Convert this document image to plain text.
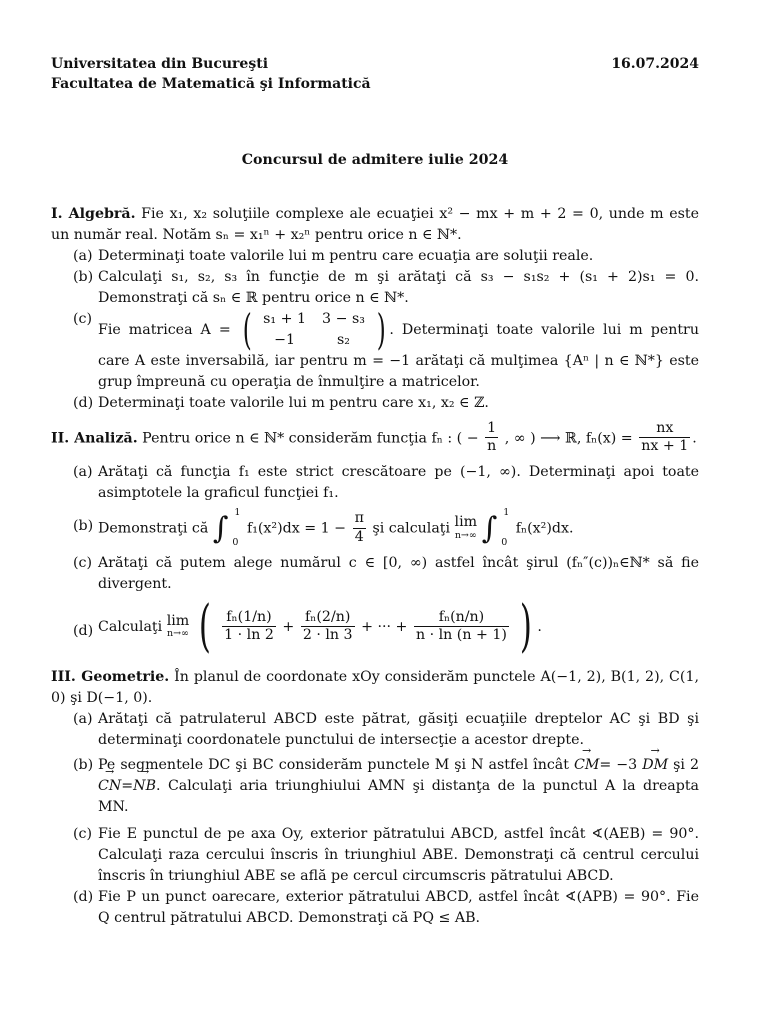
Universitatea din Bucureşti
Facultatea de Matematică şi Informatică
16.07.2024
Concursul de admitere iulie 2024
I. Algebră. Fie x₁, x₂ soluţiile complexe ale ecuaţiei x² − mx + m + 2 = 0, unde m este un număr real. Notăm sₙ = x₁ⁿ + x₂ⁿ pentru orice n ∈ ℕ*.
(a) Determinaţi toate valorile lui m pentru care ecuaţia are soluţii reale.
(b) Calculaţi s₁, s₂, s₃ în funcţie de m şi arătaţi că s₃ − s₁s₂ + (s₁ + 2)s₁ = 0. Demonstraţi că sₙ ∈ ℝ pentru orice n ∈ ℕ*.
(c)
Fie matricea A = ( s₁ + 1	3 − s₃
−1	s₂ ) . Determinaţi toate valorile lui m pentru care A este inversabilă, iar pentru m = −1 arătaţi că mulţimea {Aⁿ | n ∈ ℕ*} este grup împreună cu operaţia de înmulţire a matricelor.
(d) Determinaţi toate valorile lui m pentru care x₁, x₂ ∈ ℤ.
II. Analiză. Pentru orice n ∈ ℕ* considerăm funcţia fₙ : ( − $\frac{1}{n}$ , ∞ ) ⟶ ℝ, $f_n(x) = \frac{nx}{nx + 1}$ .
(a) Arătaţi că funcţia f₁ este strict crescătoare pe (−1, ∞). Determinaţi apoi toate asimptotele la graficul funcţiei f₁.
(b) Demonstraţi că ∫ 1
0
$f_1(x^2)dx = 1 - \frac{\pi}{4}$ şi calculaţi lim
n→∞ ∫ 1
0
fₙ(x²)dx.
(c) Arătaţi că putem alege numărul c ∈ [0, ∞) astfel încât şirul (fₙ″(c))ₙ∈ℕ* să fie divergent.
(d) Calculaţi lim
n→∞ ( $\frac{\text{fₙ(1/n)}}{1 \cdot \ln 2} + \frac{\text{fₙ(2/n)}}{2 \cdot \ln 3}$ + ··· + $\frac{\text{fₙ(n/n)}}{n \cdot \ln (n + 1)}$ ) .
III. Geometrie. În planul de coordonate xOy considerăm punctele A(−1, 2), B(1, 2), C(1, 0) şi D(−1, 0).
(a) Arătaţi că patrulaterul ABCD este pătrat, găsiţi ecuaţiile dreptelor AC şi BD şi determinaţi coordonatele punctului de intersecţie a acestor drepte.
(b) Pe segmentele DC şi BC considerăm punctele M şi N astfel încât → CM= −3 → DM şi 2 → CN=→ NB. Calculaţi aria triunghiului AMN şi distanţa de la punctul A la dreapta MN.
(c) Fie E punctul de pe axa Oy, exterior pătratului ABCD, astfel încât ∢(AEB) = 90°. Calculaţi raza cercului înscris în triunghiul ABE. Demonstraţi că centrul cercului înscris în triunghiul ABE se află pe cercul circumscris pătratului ABCD.
(d) Fie P un punct oarecare, exterior pătratului ABCD, astfel încât ∢(APB) = 90°. Fie Q centrul pătratului ABCD. Demonstraţi că PQ ≤ AB.
